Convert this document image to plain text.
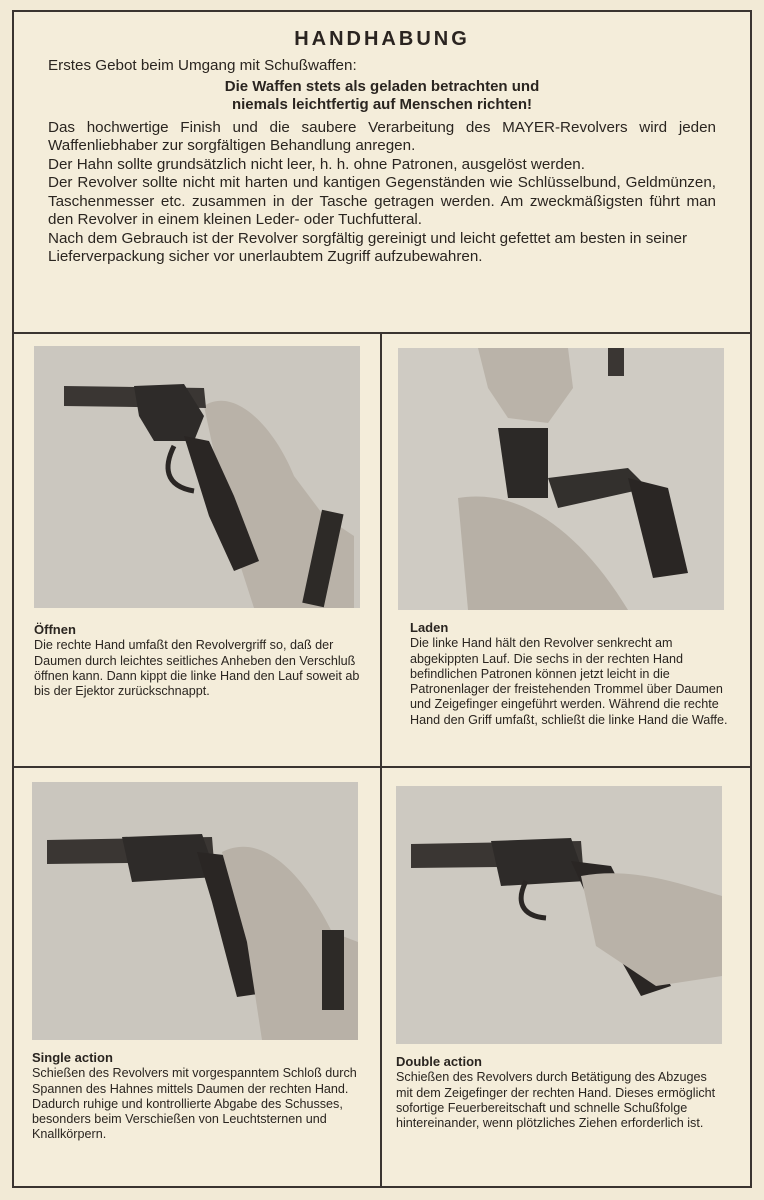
HANDHABUNG

Erstes Gebot beim Umgang mit Schußwaffen:

Die Waffen stets als geladen betrachten und
niemals leichtfertig auf Menschen richten!

Das hochwertige Finish und die saubere Verarbeitung des MAYER-Revolvers wird jeden Waffenliebhaber zur sorgfältigen Behandlung anregen.

Der Hahn sollte grundsätzlich nicht leer, h. h. ohne Patronen, ausgelöst werden.

Der Revolver sollte nicht mit harten und kantigen Gegenständen wie Schlüsselbund, Geldmünzen, Taschenmesser etc. zusammen in der Tasche getragen werden. Am zweckmäßigsten führt man den Revolver in einem kleinen Leder- oder Tuchfutteral.

Nach dem Gebrauch ist der Revolver sorgfältig gereinigt und leicht gefettet am besten in seiner Lieferverpackung sicher vor unerlaubtem Zugriff aufzubewahren.

Öffnen
Die rechte Hand umfaßt den Revolvergriff so, daß der Daumen durch leichtes seitliches Anheben den Verschluß öffnen kann. Dann kippt die linke Hand den Lauf soweit ab bis der Ejektor zurückschnappt.
Laden
Die linke Hand hält den Revolver senkrecht am abgekippten Lauf. Die sechs in der rechten Hand befindlichen Patronen können jetzt leicht in die Patronenlager der freistehenden Trommel über Daumen und Zeigefinger eingeführt werden. Während die rechte Hand den Griff umfaßt, schließt die linke Hand die Waffe.
Single action
Schießen des Revolvers mit vorgespanntem Schloß durch Spannen des Hahnes mittels Daumen der rechten Hand. Dadurch ruhige und kontrollierte Abgabe des Schusses, besonders beim Verschießen von Leuchtsternen und Knallkörpern.
Double action
Schießen des Revolvers durch Betätigung des Abzuges mit dem Zeigefinger der rechten Hand. Dieses ermöglicht sofortige Feuerbereitschaft und schnelle Schußfolge hintereinander, wenn plötzliches Ziehen erforderlich ist.
